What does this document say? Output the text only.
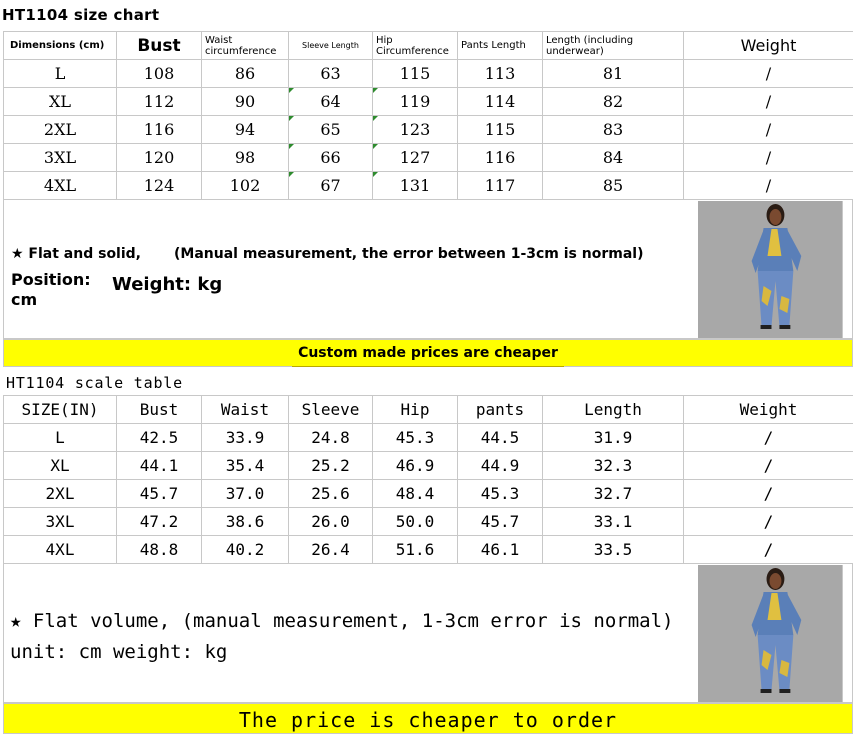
HT1104 size chart
Dimensions (cm)	Bust	Waist circumference	Sleeve Length	Hip Circumference	Pants Length	Length (including underwear)	Weight
L	108	86	63	115	113	81	/
XL	112	90	64	119	114	82	/
2XL	116	94	65	123	115	83	/
3XL	120	98	66	127	116	84	/
4XL	124	102	67	131	117	85	/
★ Flat and solid, (Manual measurement, the error between 1-3cm is normal)
Position: cm
Weight: kg
Custom made prices are cheaper
HT1104 scale table
SIZE(IN)	Bust	Waist	Sleeve	Hip	pants	Length	Weight
L	42.5	33.9	24.8	45.3	44.5	31.9	/
XL	44.1	35.4	25.2	46.9	44.9	32.3	/
2XL	45.7	37.0	25.6	48.4	45.3	32.7	/
3XL	47.2	38.6	26.0	50.0	45.7	33.1	/
4XL	48.8	40.2	26.4	51.6	46.1	33.5	/
★ Flat volume, (manual measurement, 1-3cm error is normal) unit: cm weight: kg
The price is cheaper to order
